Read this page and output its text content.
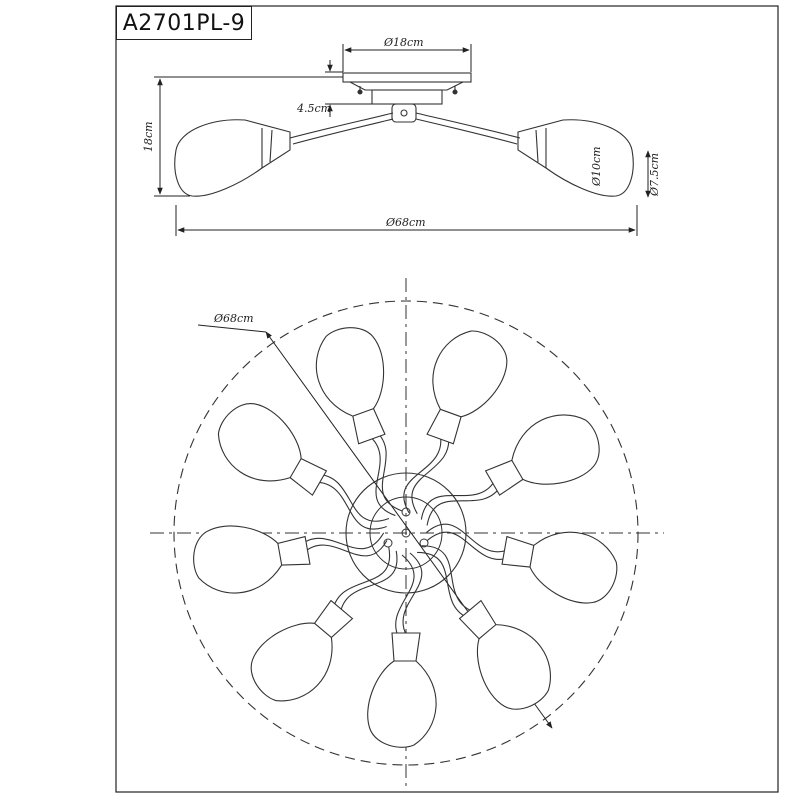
Ø18cm
4.5cm
18cm
Ø10cm	Ø7.5cm
Ø68cm
Ø68cm
A2701PL-9
